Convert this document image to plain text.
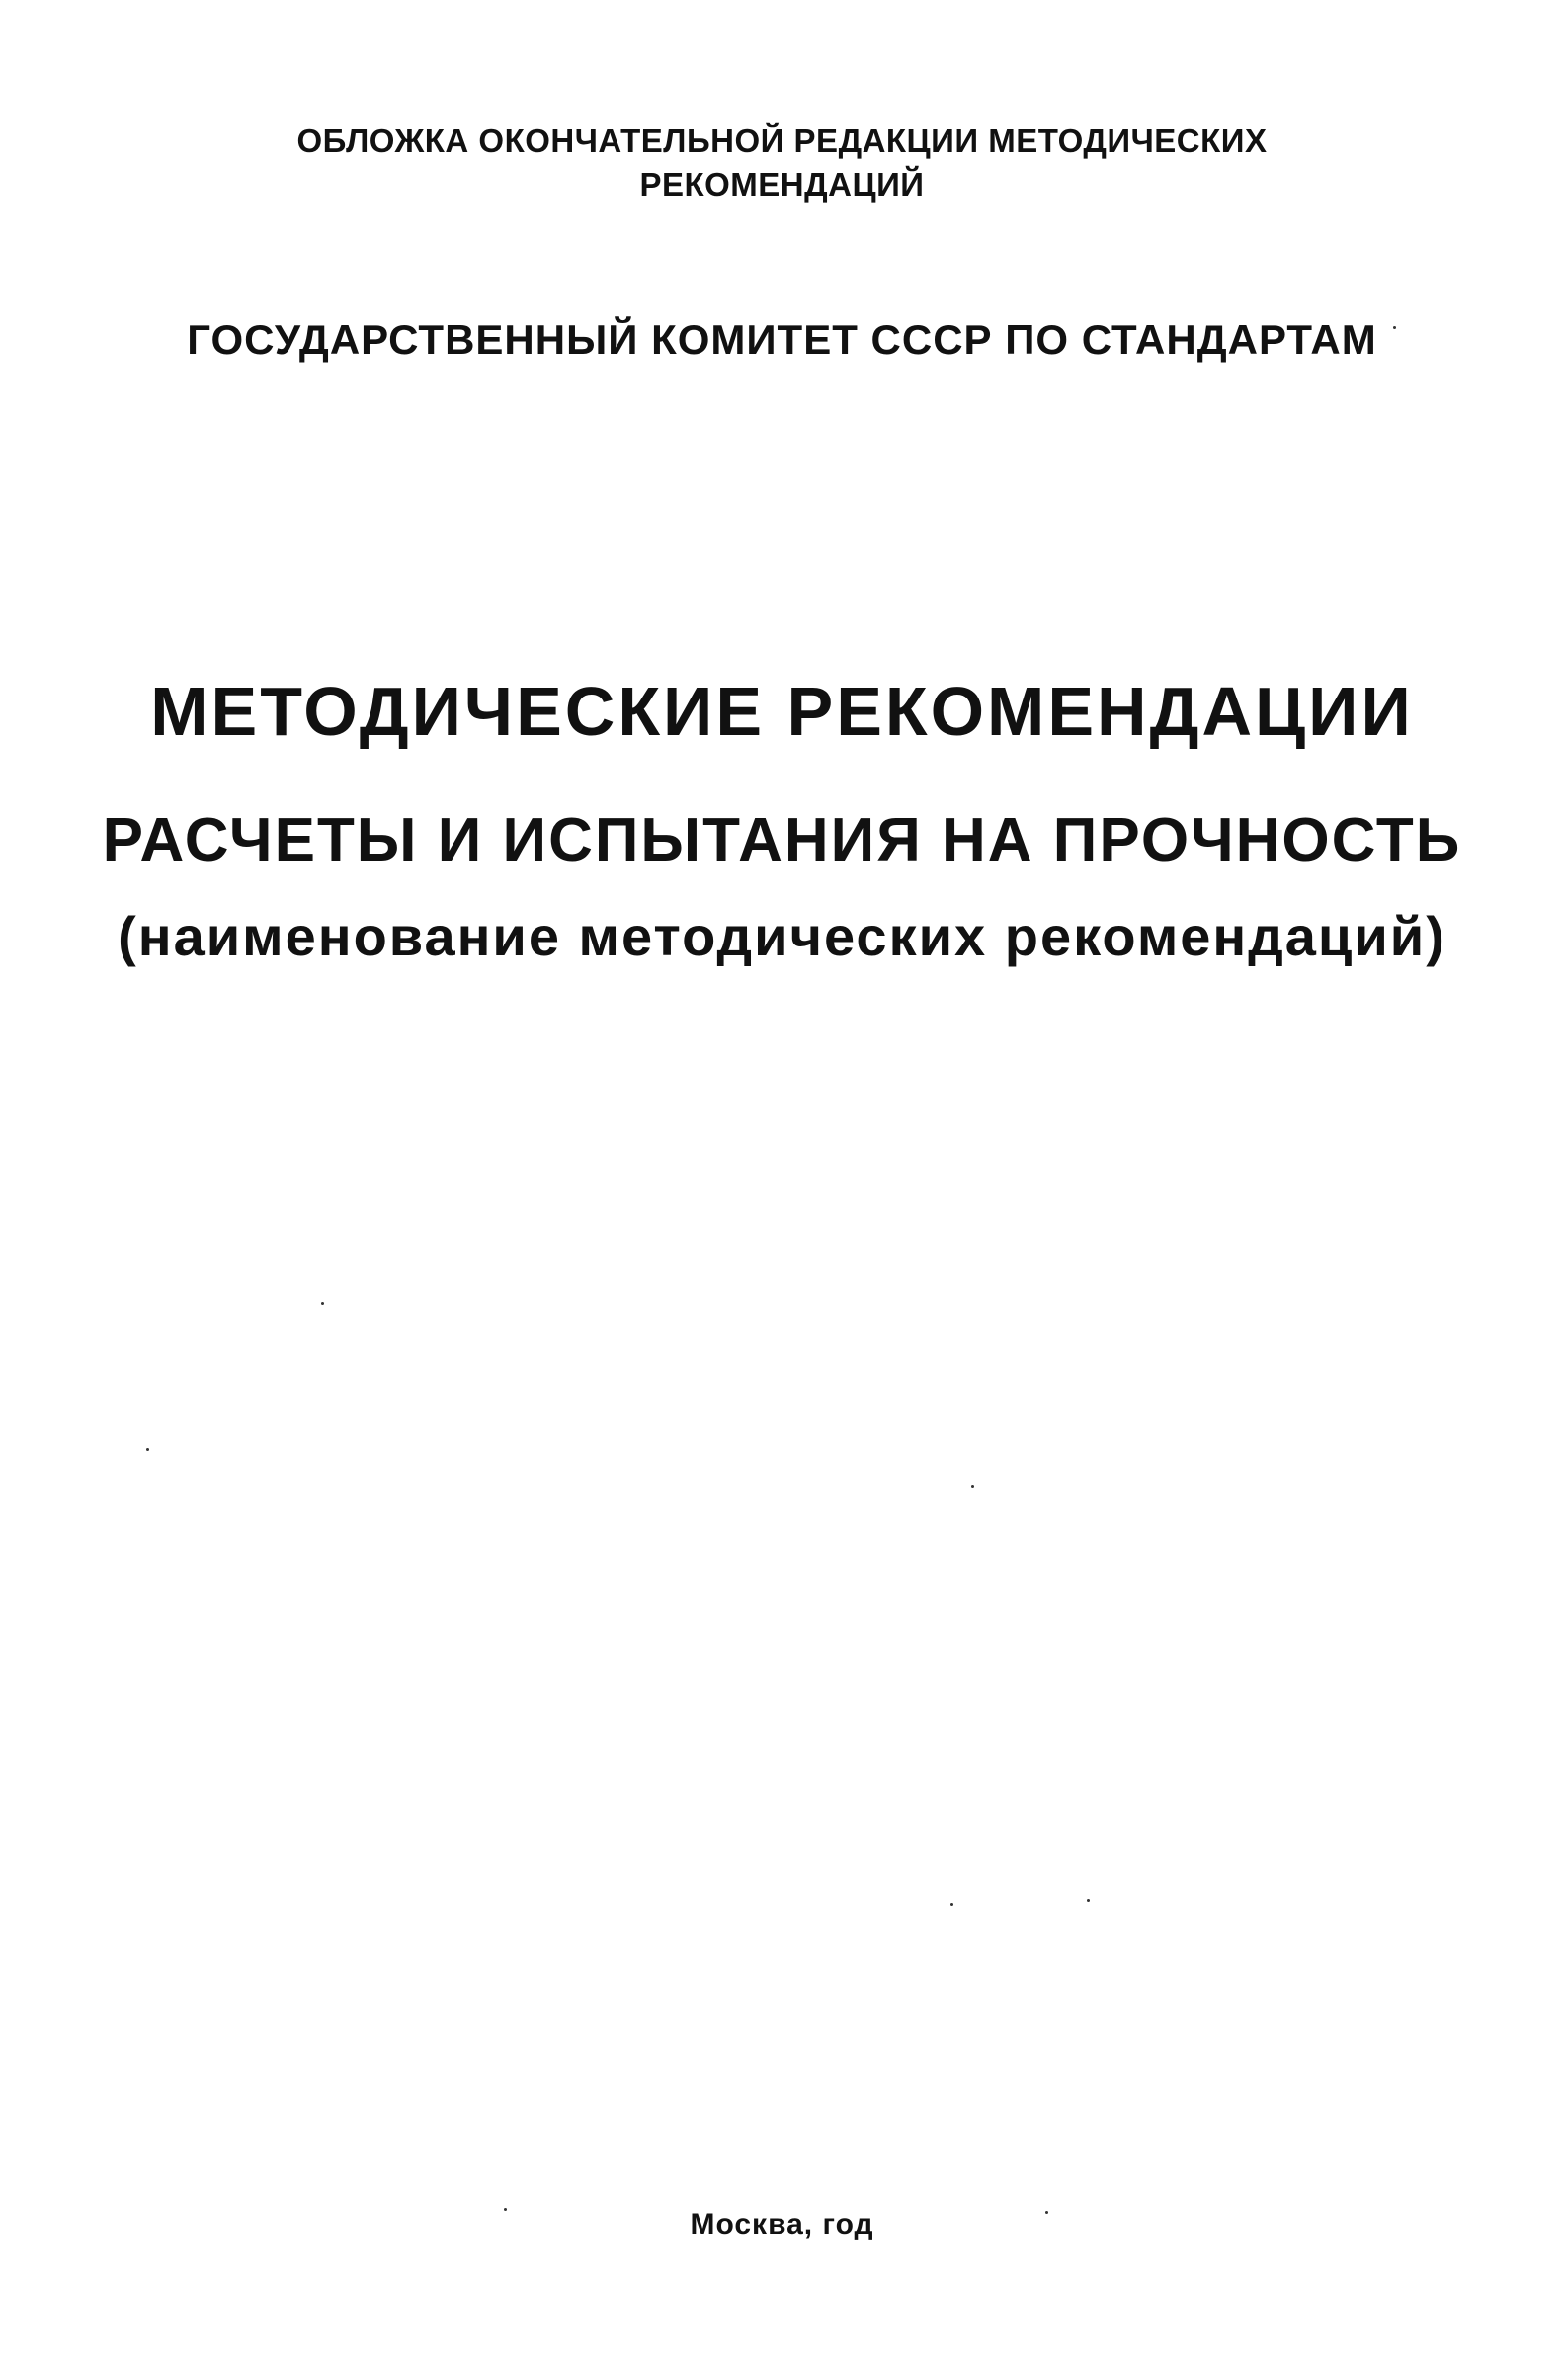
ОБЛОЖКА ОКОНЧАТЕЛЬНОЙ РЕДАКЦИИ МЕТОДИЧЕСКИХ
РЕКОМЕНДАЦИЙ
ГОСУДАРСТВЕННЫЙ КОМИТЕТ СССР ПО СТАНДАРТАМ
МЕТОДИЧЕСКИЕ РЕКОМЕНДАЦИИ
РАСЧЕТЫ И ИСПЫТАНИЯ НА ПРОЧНОСТЬ
(наименование методических рекомендаций)
Москва, год
